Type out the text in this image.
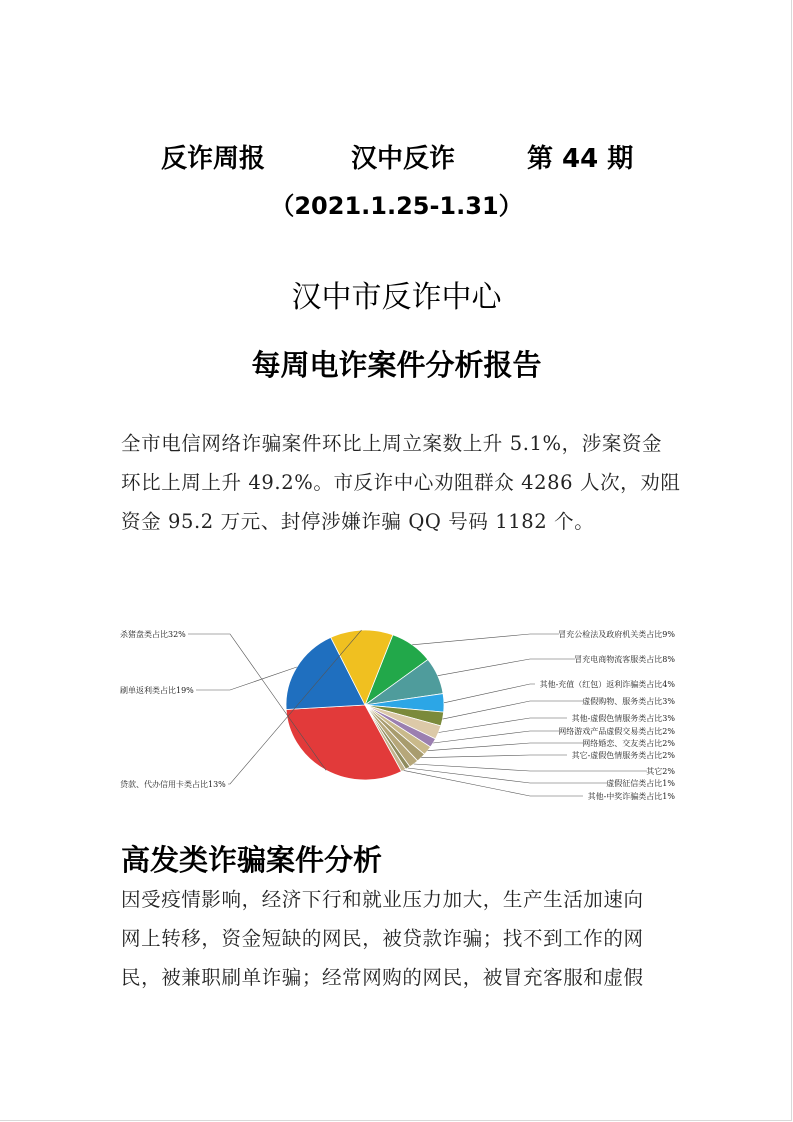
反诈周报	汉中反诈	第 44 期
（2021.1.25-1.31）
汉中市反诈中心
每周电诈案件分析报告
全市电信网络诈骗案件环比上周立案数上升 5.1%，涉案资金
环比上周上升 49.2%。市反诈中心劝阻群众 4286 人次，劝阻
资金 95.2 万元、封停涉嫌诈骗 QQ 号码 1182 个。
冒充公检法及政府机关类占比9%
冒充电商物流客服类占比8%
其他-充值（红包）返利诈骗类占比4%
虚假购物、服务类占比3%
其他-虚假色情服务类占比3%
网络游戏产品虚假交易类占比2%
网络婚恋、交友类占比2%
其它-虚假色情服务类占比2%
其它2%
虚假征信类占比1%
其他-中奖诈骗类占比1%
杀猪盘类占比32%
刷单返利类占比19%
贷款、代办信用卡类占比13%
高发类诈骗案件分析
因受疫情影响，经济下行和就业压力加大，生产生活加速向
网上转移，资金短缺的网民，被贷款诈骗；找不到工作的网
民，被兼职刷单诈骗；经常网购的网民，被冒充客服和虚假
